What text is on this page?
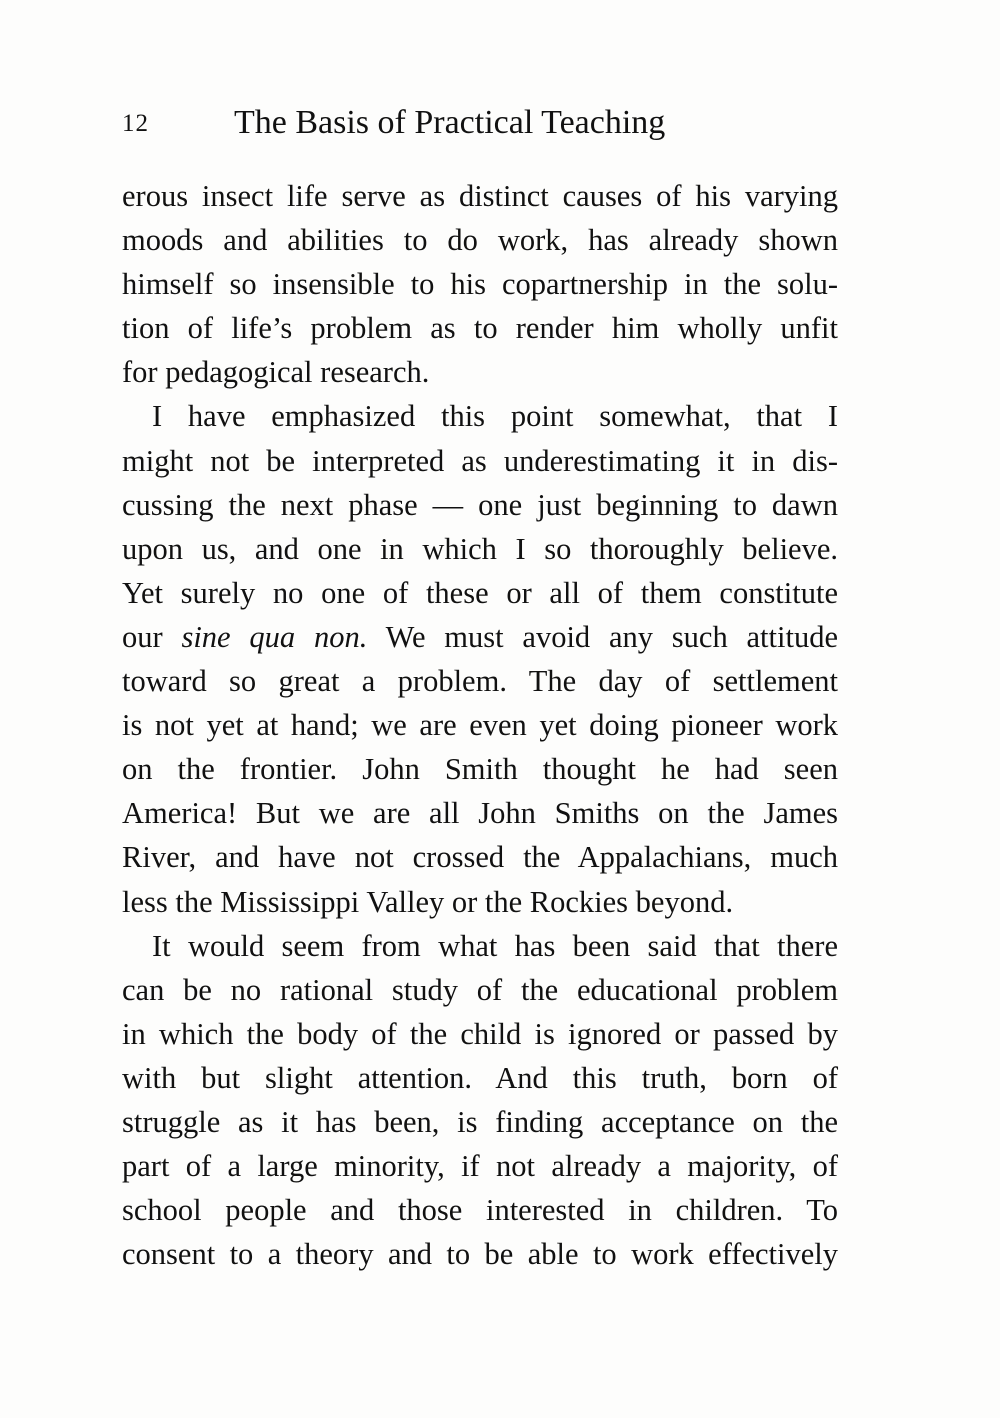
12	The Basis of Practical Teaching
erous insect life serve as distinct causes of his varying
moods and abilities to do work, has already shown
himself so insensible to his copartnership in the solu-
tion of life’s problem as to render him wholly unfit
for pedagogical research.
I have emphasized this point somewhat, that I
might not be interpreted as underestimating it in dis-
cussing the next phase — one just beginning to dawn
upon us, and one in which I so thoroughly believe.
Yet surely no one of these or all of them constitute
our sine qua non. We must avoid any such attitude
toward so great a problem. The day of settlement
is not yet at hand; we are even yet doing pioneer work
on the frontier. John Smith thought he had seen
America! But we are all John Smiths on the James
River, and have not crossed the Appalachians, much
less the Mississippi Valley or the Rockies beyond.
It would seem from what has been said that there
can be no rational study of the educational problem
in which the body of the child is ignored or passed by
with but slight attention. And this truth, born of
struggle as it has been, is finding acceptance on the
part of a large minority, if not already a majority, of
school people and those interested in children. To
consent to a theory and to be able to work effectively
